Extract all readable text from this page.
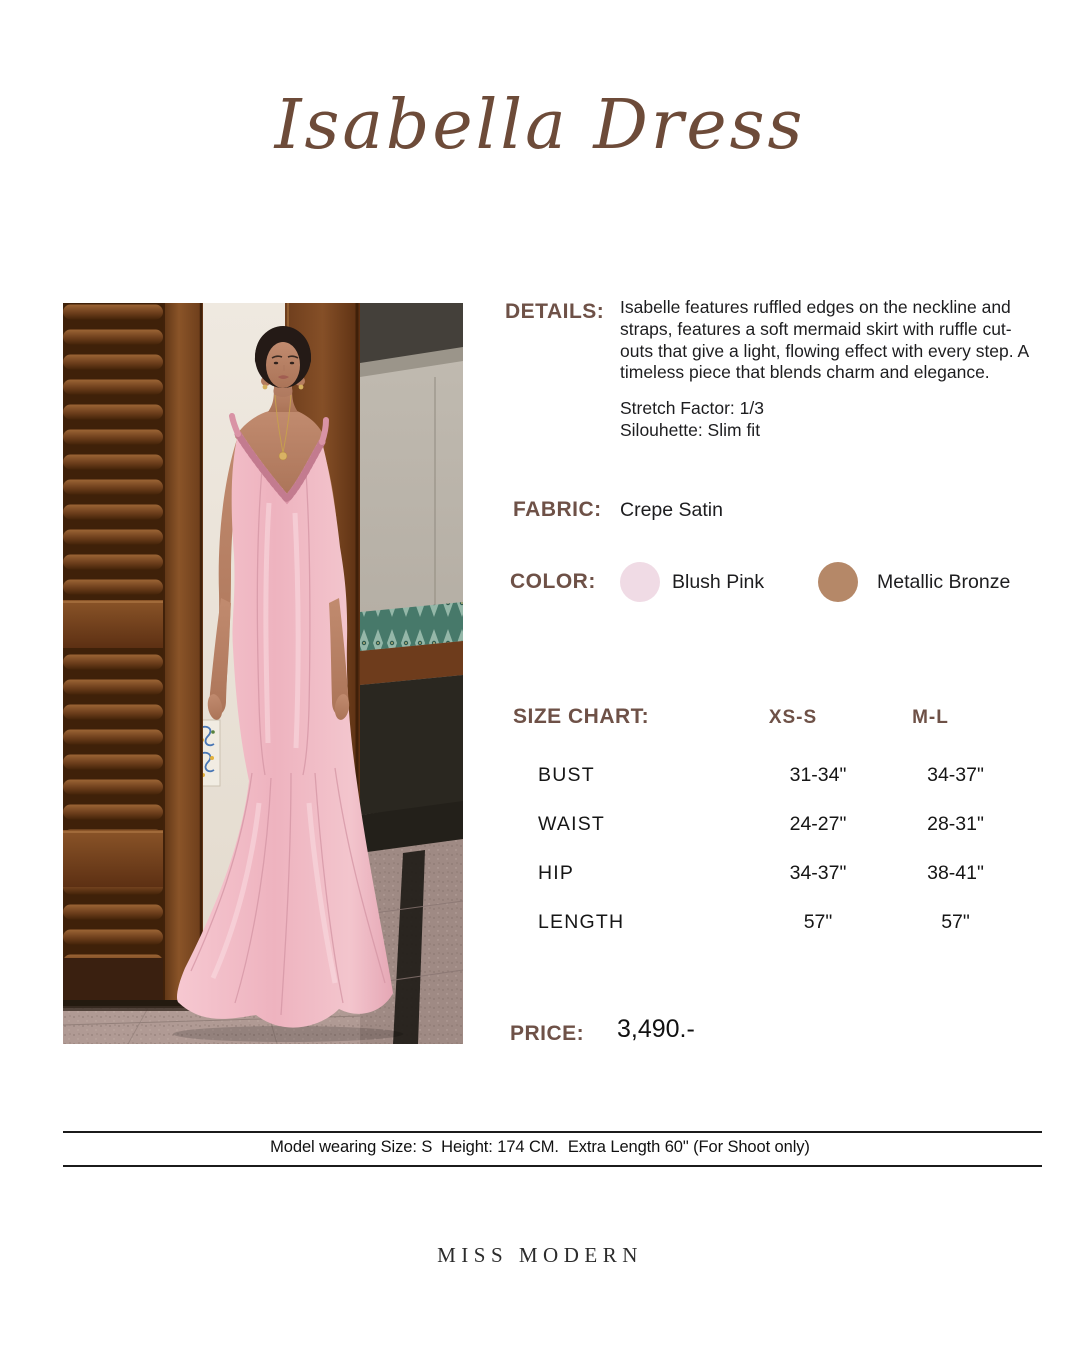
Isabella Dress
DETAILS: Isabelle features ruffled edges on the neckline and straps, features a soft mermaid skirt with ruffle cut-outs that give a light, flowing effect with every step. A timeless piece that blends charm and elegance.
Stretch Factor: 1/3
Silouhette: Slim fit
FABRIC: Crepe Satin
COLOR:	Blush Pink	Metallic Bronze
SIZE CHART:	XS-S	M-L
BUST	31-34"	34-37"
WAIST	24-27"	28-31"
HIP	34-37"	38-41"
LENGTH	57"	57"
PRICE: 3,490.-
Model wearing Size: S  Height: 174 CM.  Extra Length 60" (For Shoot only)
MISS MODERN
